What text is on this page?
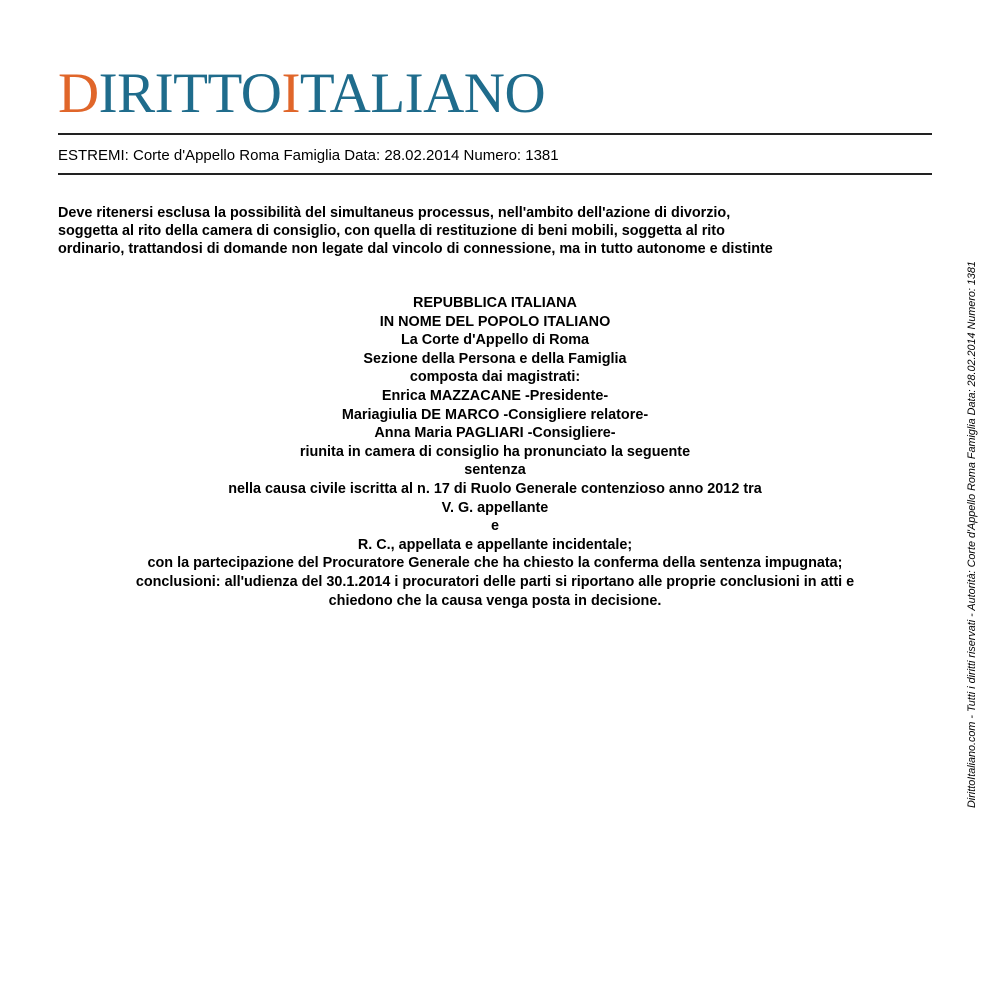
D IRITTO I TALIANO
ESTREMI: Corte d'Appello Roma Famiglia Data: 28.02.2014 Numero: 1381
Deve ritenersi esclusa la possibilità del simultaneus processus, nell'ambito dell'azione di divorzio,
soggetta al rito della camera di consiglio, con quella di restituzione di beni mobili, soggetta al rito
ordinario, trattandosi di domande non legate dal vincolo di connessione, ma in tutto autonome e distinte
REPUBBLICA ITALIANA
IN NOME DEL POPOLO ITALIANO
La Corte d'Appello di Roma
Sezione della Persona e della Famiglia
composta dai magistrati:
Enrica MAZZACANE -Presidente-
Mariagiulia DE MARCO -Consigliere relatore-
Anna Maria PAGLIARI -Consigliere-
riunita in camera di consiglio ha pronunciato la seguente
sentenza
nella causa civile iscritta al n. 17 di Ruolo Generale contenzioso anno 2012 tra
V. G. appellante
e
R. C., appellata e appellante incidentale;
con la partecipazione del Procuratore Generale che ha chiesto la conferma della sentenza impugnata;
conclusioni: all'udienza del 30.1.2014 i procuratori delle parti si riportano alle proprie conclusioni in atti e
chiedono che la causa venga posta in decisione.	DirittoItaliano.com - Tutti i diritti riservati - Autorità: Corte d'Appello Roma Famiglia Data: 28.02.2014 Numero: 1381
